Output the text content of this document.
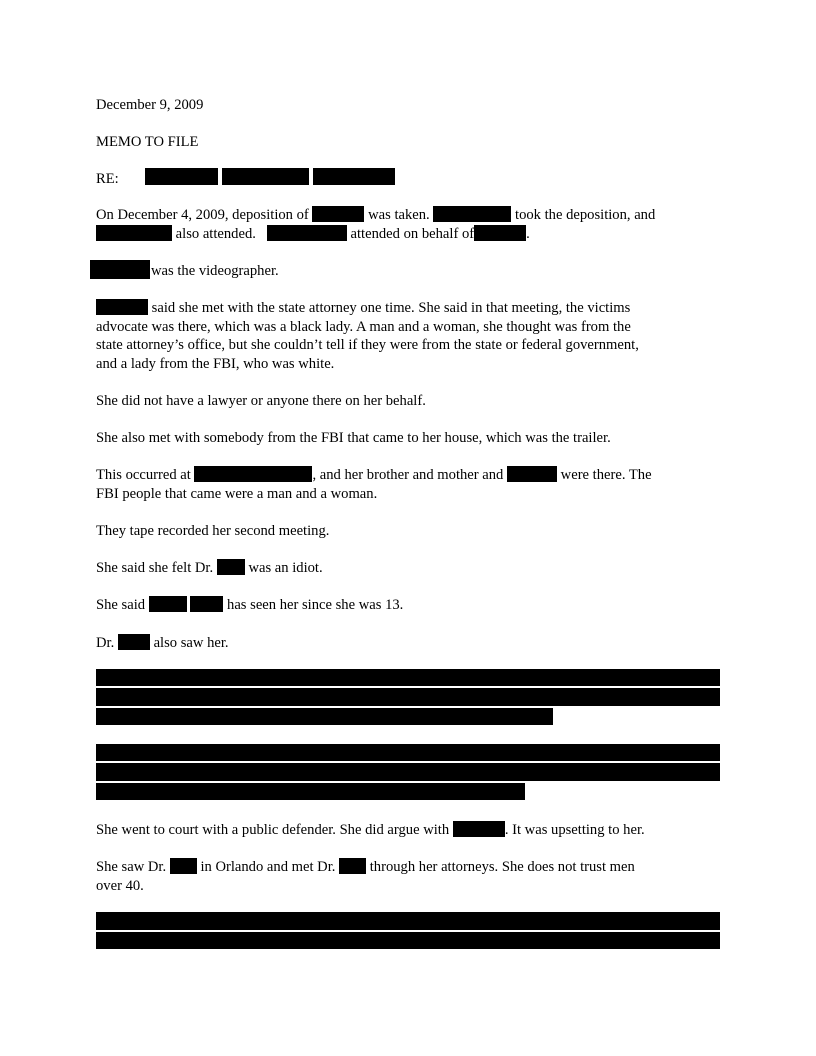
December 9, 2009
MEMO TO FILE
RE:
On December 4, 2009, deposition of	was taken.	took the deposition, and
also attended.	attended on behalf of	.
was the videographer.
said she met with the state attorney one time. She said in that meeting, the victims
advocate was there, which was a black lady. A man and a woman, she thought was from the
state attorney’s office, but she couldn’t tell if they were from the state or federal government,
and a lady from the FBI, who was white.
She did not have a lawyer or anyone there on her behalf.
She also met with somebody from the FBI that came to her house, which was the trailer.
This occurred at	, and her brother and mother and	were there. The
FBI people that came were a man and a woman.
They tape recorded her second meeting.
She said she felt Dr. was an idiot.
She said	has seen her since she was 13.
Dr.	also saw her.
She went to court with a public defender. She did argue with	. It was upsetting to her.
She saw Dr. in Orlando and met Dr. through her attorneys. She does not trust men
over 40.
